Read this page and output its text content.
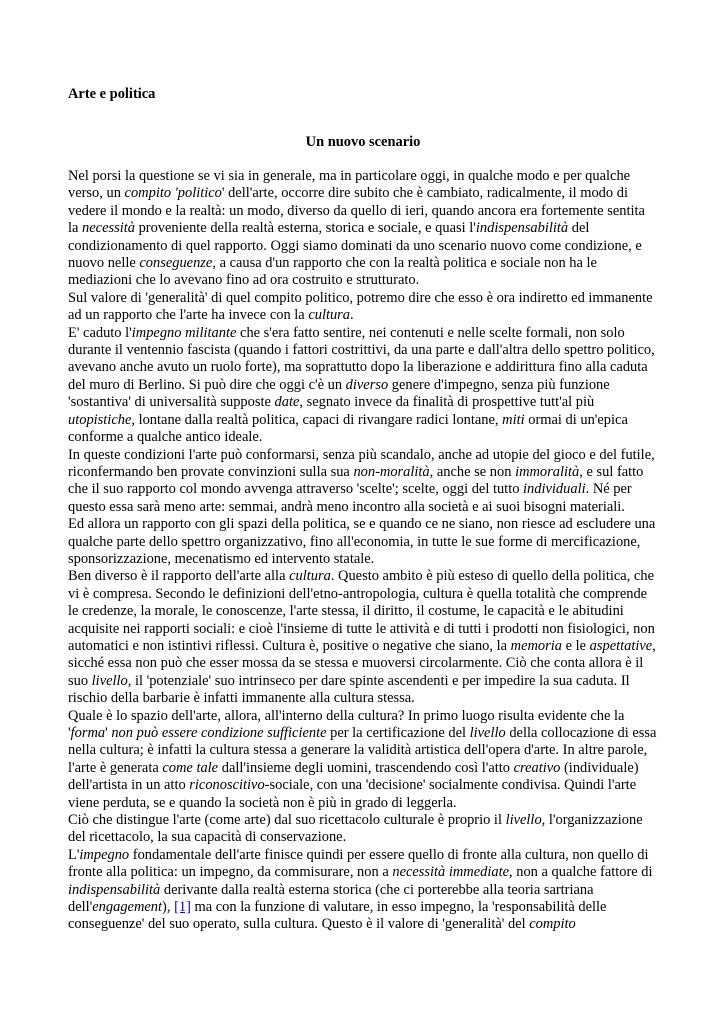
Arte e politica
Un nuovo scenario

Nel porsi la questione se vi sia in generale, ma in particolare oggi, in qualche modo e per qualche verso, un compito 'politico' dell'arte, occorre dire subito che è cambiato, radicalmente, il modo di vedere il mondo e la realtà: un modo, diverso da quello di ieri, quando ancora era fortemente sentita la necessità proveniente della realtà esterna, storica e sociale, e quasi l'indispensabilità del condizionamento di quel rapporto. Oggi siamo dominati da uno scenario nuovo come condizione, e nuovo nelle conseguenze, a causa d'un rapporto che con la realtà politica e sociale non ha le mediazioni che lo avevano fino ad ora costruito e strutturato.

Sul valore di 'generalità' di quel compito politico, potremo dire che esso è ora indiretto ed immanente ad un rapporto che l'arte ha invece con la cultura.

E' caduto l'impegno militante che s'era fatto sentire, nei contenuti e nelle scelte formali, non solo durante il ventennio fascista (quando i fattori costrittivi, da una parte e dall'altra dello spettro politico, avevano anche avuto un ruolo forte), ma soprattutto dopo la liberazione e addirittura fino alla caduta del muro di Berlino. Si può dire che oggi c'è un diverso genere d'impegno, senza più funzione 'sostantiva' di universalità supposte date, segnato invece da finalità di prospettive tutt'al più utopistiche, lontane dalla realtà politica, capaci di rivangare radici lontane, miti ormai di un'epica conforme a qualche antico ideale.

In queste condizioni l'arte può conformarsi, senza più scandalo, anche ad utopie del gioco e del futile, riconfermando ben provate convinzioni sulla sua non-moralità, anche se non immoralità, e sul fatto che il suo rapporto col mondo avvenga attraverso 'scelte'; scelte, oggi del tutto individuali. Né per questo essa sarà meno arte: semmai, andrà meno incontro alla società e ai suoi bisogni materiali.

Ed allora un rapporto con gli spazi della politica, se e quando ce ne siano, non riesce ad escludere una qualche parte dello spettro organizzativo, fino all'economia, in tutte le sue forme di mercificazione, sponsorizzazione, mecenatismo ed intervento statale.

Ben diverso è il rapporto dell'arte alla cultura. Questo ambito è più esteso di quello della politica, che vi è compresa. Secondo le definizioni dell'etno-antropologia, cultura è quella totalità che comprende le credenze, la morale, le conoscenze, l'arte stessa, il diritto, il costume, le capacità e le abitudini acquisite nei rapporti sociali: e cioè l'insieme di tutte le attività e di tutti i prodotti non fisiologici, non automatici e non istintivi riflessi. Cultura è, positive o negative che siano, la memoria e le aspettative, sicché essa non può che esser mossa da se stessa e muoversi circolarmente. Ciò che conta allora è il suo livello, il 'potenziale' suo intrinseco per dare spinte ascendenti e per impedire la sua caduta. Il rischio della barbarie è infatti immanente alla cultura stessa.

Quale è lo spazio dell'arte, allora, all'interno della cultura? In primo luogo risulta evidente che la 'forma' non può essere condizione sufficiente per la certificazione del livello della collocazione di essa nella cultura; è infatti la cultura stessa a generare la validità artistica dell'opera d'arte. In altre parole, l'arte è generata come tale dall'insieme degli uomini, trascendendo così l'atto creativo (individuale) dell'artista in un atto riconoscitivo-sociale, con una 'decisione' socialmente condivisa. Quindi l'arte viene perduta, se e quando la società non è più in grado di leggerla.

Ciò che distingue l'arte (come arte) dal suo ricettacolo culturale è proprio il livello, l'organizzazione del ricettacolo, la sua capacità di conservazione.

L'impegno fondamentale dell'arte finisce quindi per essere quello di fronte alla cultura, non quello di fronte alla politica: un impegno, da commisurare, non a necessità immediate, non a qualche fattore di indispensabilità derivante dalla realtà esterna storica (che ci porterebbe alla teoria sartriana dell'engagement), [1] ma con la funzione di valutare, in esso impegno, la 'responsabilità delle conseguenze' del suo operato, sulla cultura. Questo è il valore di 'generalità' del compito
